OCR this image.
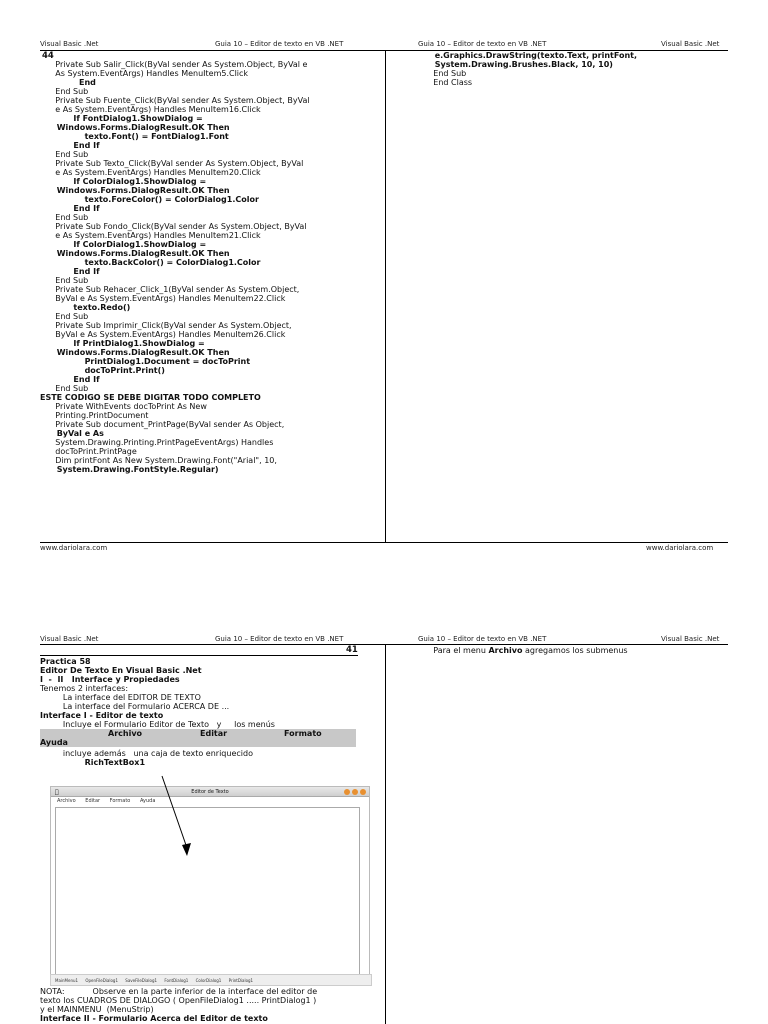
Visual Basic .Net	Guia 10 – Editor de texto en VB .NET	Guia 10 – Editor de texto en VB .NET	Visual Basic .Net
44
Private Sub Salir_Click(ByVal sender As System.Object, ByVal e
As System.EventArgs) Handles MenuItem5.Click
End
End Sub
Private Sub Fuente_Click(ByVal sender As System.Object, ByVal
e As System.EventArgs) Handles MenuItem16.Click
If FontDialog1.ShowDialog =
Windows.Forms.DialogResult.OK Then
texto.Font() = FontDialog1.Font
End If
End Sub
Private Sub Texto_Click(ByVal sender As System.Object, ByVal
e As System.EventArgs) Handles MenuItem20.Click
If ColorDialog1.ShowDialog =
Windows.Forms.DialogResult.OK Then
texto.ForeColor() = ColorDialog1.Color
End If
End Sub
Private Sub Fondo_Click(ByVal sender As System.Object, ByVal
e As System.EventArgs) Handles MenuItem21.Click
If ColorDialog1.ShowDialog =
Windows.Forms.DialogResult.OK Then
texto.BackColor() = ColorDialog1.Color
End If
End Sub
Private Sub Rehacer_Click_1(ByVal sender As System.Object,
ByVal e As System.EventArgs) Handles MenuItem22.Click
texto.Redo()
End Sub
Private Sub Imprimir_Click(ByVal sender As System.Object,
ByVal e As System.EventArgs) Handles MenuItem26.Click
If PrintDialog1.ShowDialog =
Windows.Forms.DialogResult.OK Then
PrintDialog1.Document = docToPrint
docToPrint.Print()
End If
End Sub
ESTE CODIGO SE DEBE DIGITAR TODO COMPLETO
Private WithEvents docToPrint As New
Printing.PrintDocument
Private Sub document_PrintPage(ByVal sender As Object,
ByVal e As
System.Drawing.Printing.PrintPageEventArgs) Handles
docToPrint.PrintPage
Dim printFont As New System.Drawing.Font("Arial", 10,
System.Drawing.FontStyle.Regular)
e.Graphics.DrawString(texto.Text, printFont,
System.Drawing.Brushes.Black, 10, 10)
End Sub
End Class
www.dariolara.com	www.dariolara.com
Visual Basic .Net	Guia 10 – Editor de texto en VB .NET	Guia 10 – Editor de texto en VB .NET	Visual Basic .Net
41
Practica 58
Editor De Texto En Visual Basic .Net
I  -  II   Interface y Propiedades
Tenemos 2 interfaces:
La interface del EDITOR DE TEXTO
La interface del Formulario ACERCA DE ...
Interface I - Editor de texto
Incluye el Formulario Editor de Texto   y     los menús

Archivo

	Editar

	Formato

Ayuda

incluye además   una caja de texto enriquecido
RichTextBox1
Editor de Texto
Archivo Editar Formato Ayuda
MainMenu1 OpenFileDialog1 SaveFileDialog1 FontDialog1 ColorDialog1 PrintDialog1
NOTA:           Observe en la parte inferior de la interface del editor de
texto los CUADROS DE DIALOGO ( OpenFileDialog1 ..... PrintDialog1 )
y el MAINMENU  (MenuStrip)
Interface II - Formulario Acerca del Editor de texto
Para el menu Archivo agregamos los submenus
